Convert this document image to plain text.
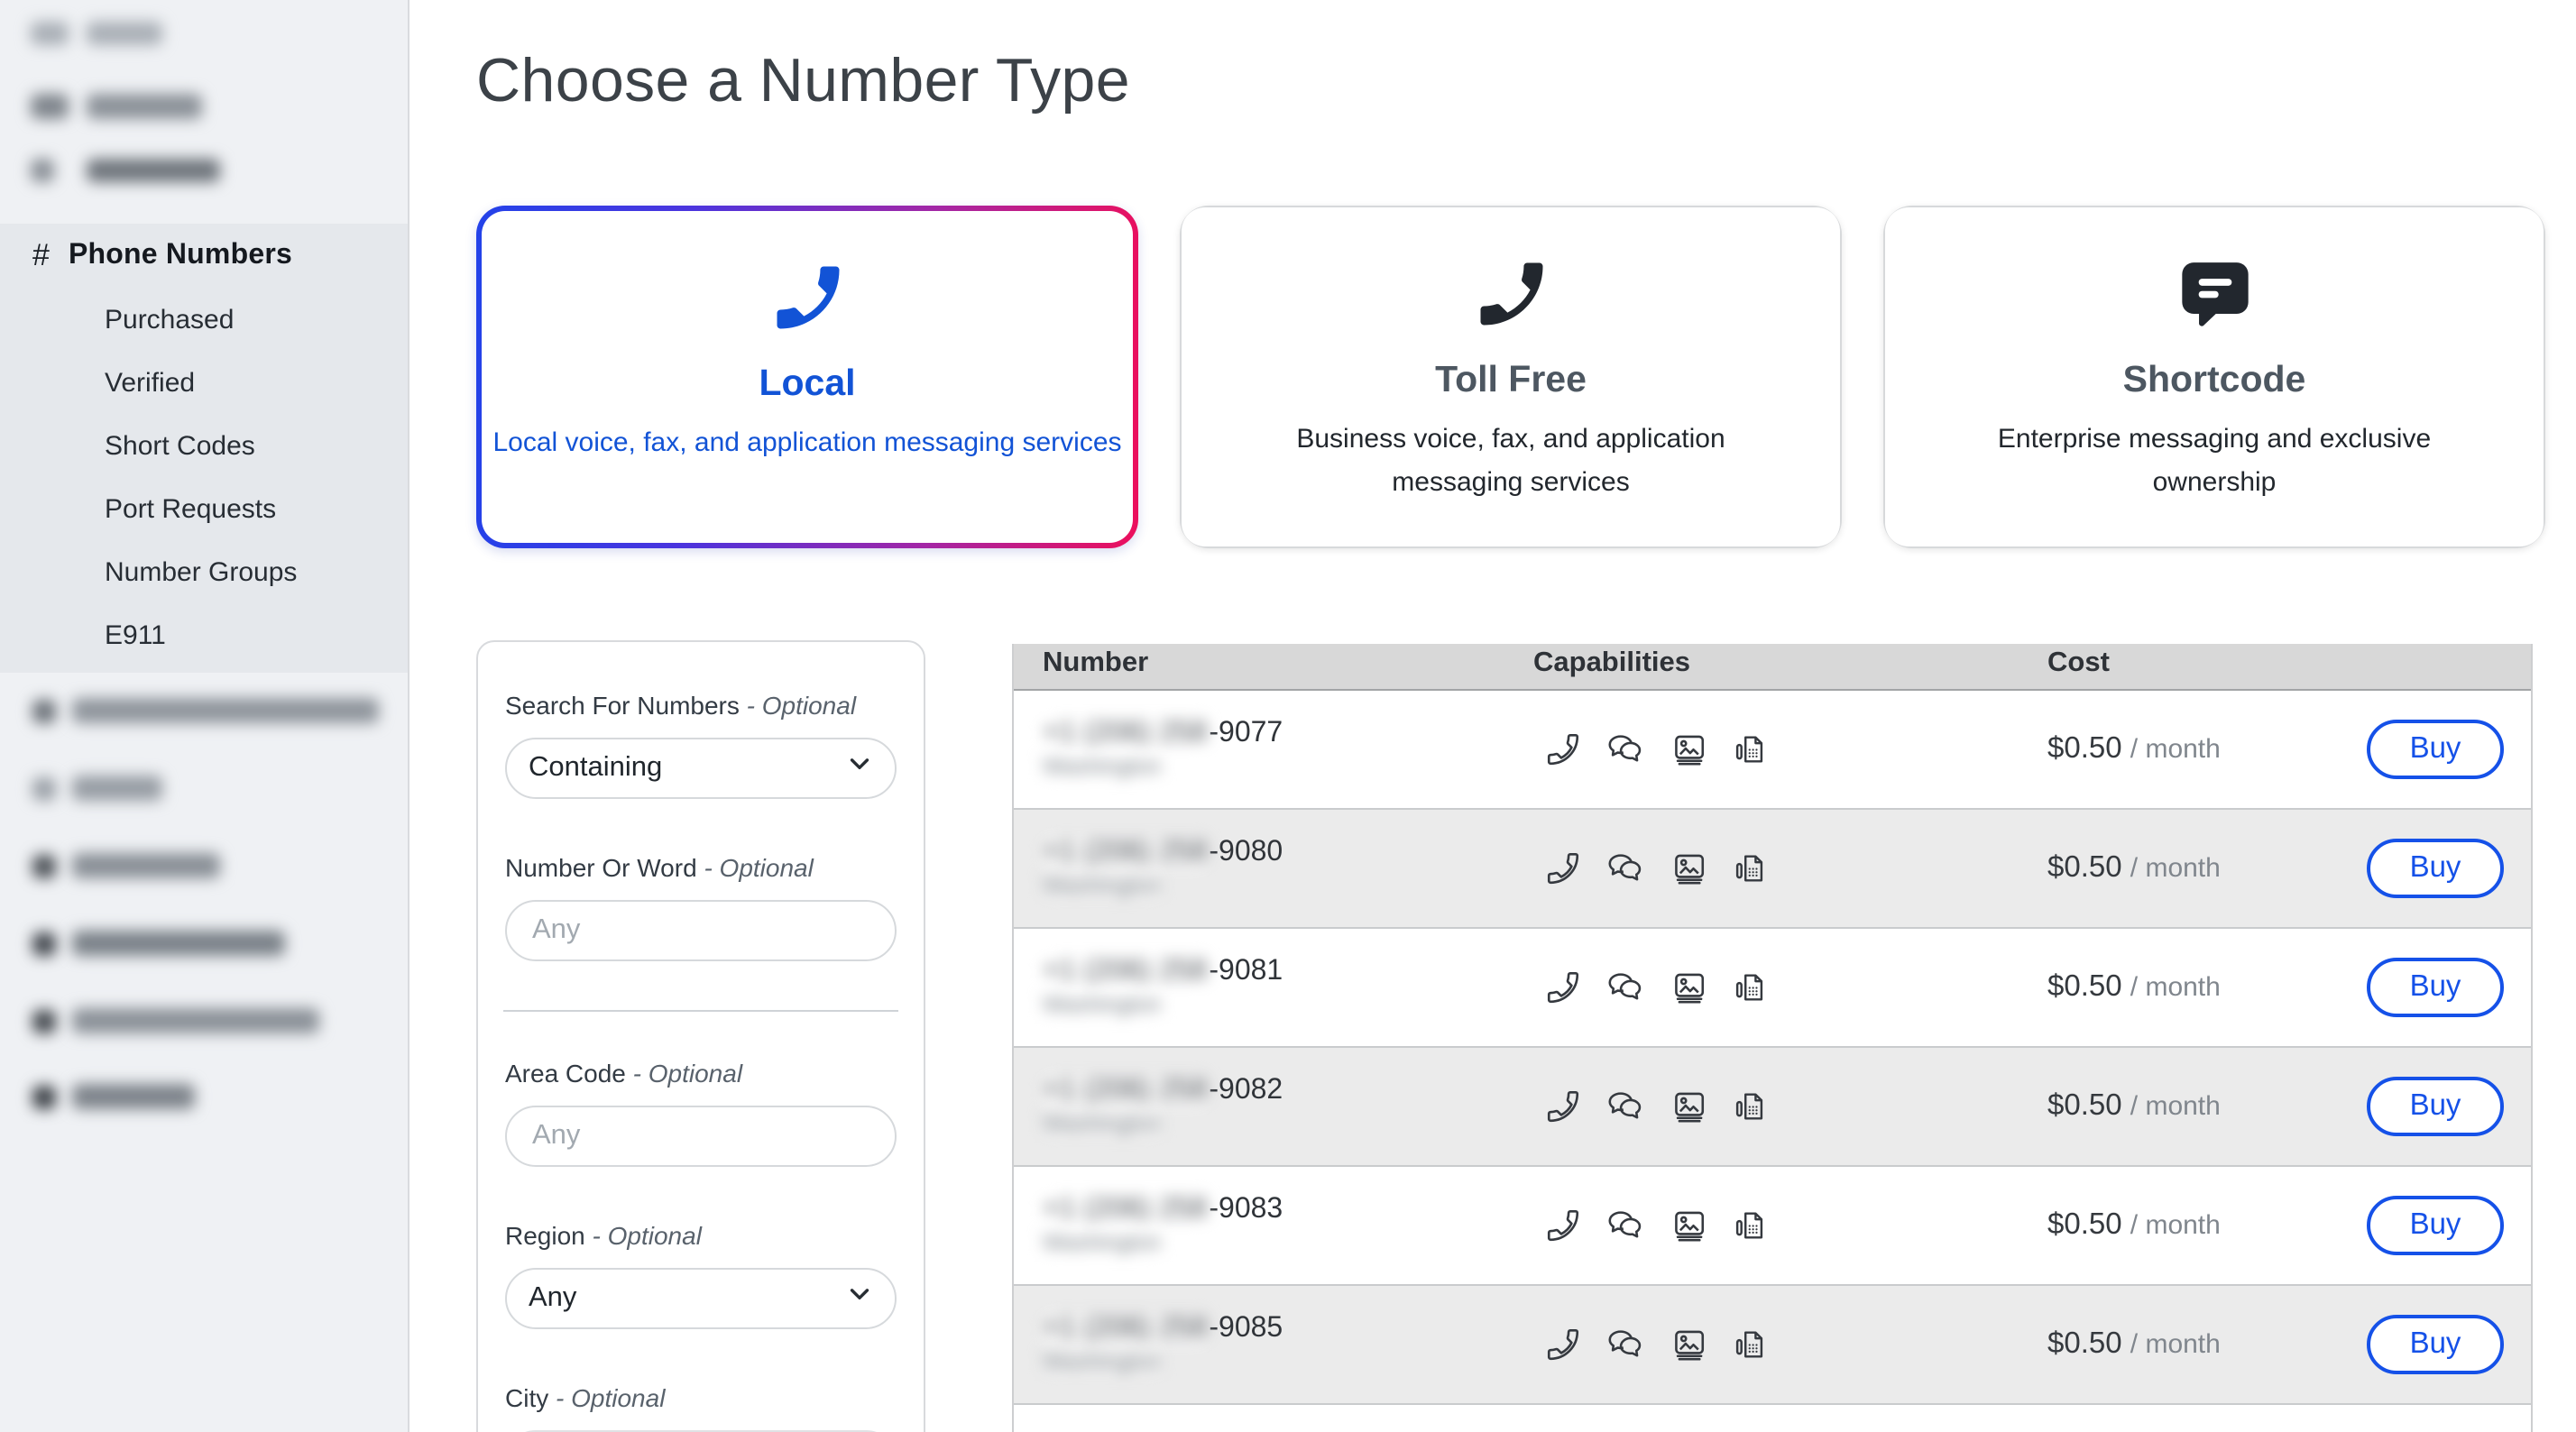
#	Phone Numbers
Purchased
Verified
Short Codes
Port Requests
Number Groups
E911
Choose a Number Type
Local
Local voice, fax, and application messaging services
Toll Free
Business voice, fax, and application messaging services
Shortcode
Enterprise messaging and exclusive ownership
Search For Numbers - Optional
Containing
Number Or Word - Optional
Any
Area Code - Optional
Any
Region - Optional
Any
City - Optional
Number	Capabilities	Cost
+1 (206) 258 -9077
Washington
$0.50 / month	Buy
+1 (206) 258 -9080
Washington
$0.50 / month	Buy
+1 (206) 258 -9081
Washington
$0.50 / month	Buy
+1 (206) 258 -9082
Washington
$0.50 / month	Buy
+1 (206) 258 -9083
Washington
$0.50 / month	Buy
+1 (206) 258 -9085
Washington
$0.50 / month	Buy
